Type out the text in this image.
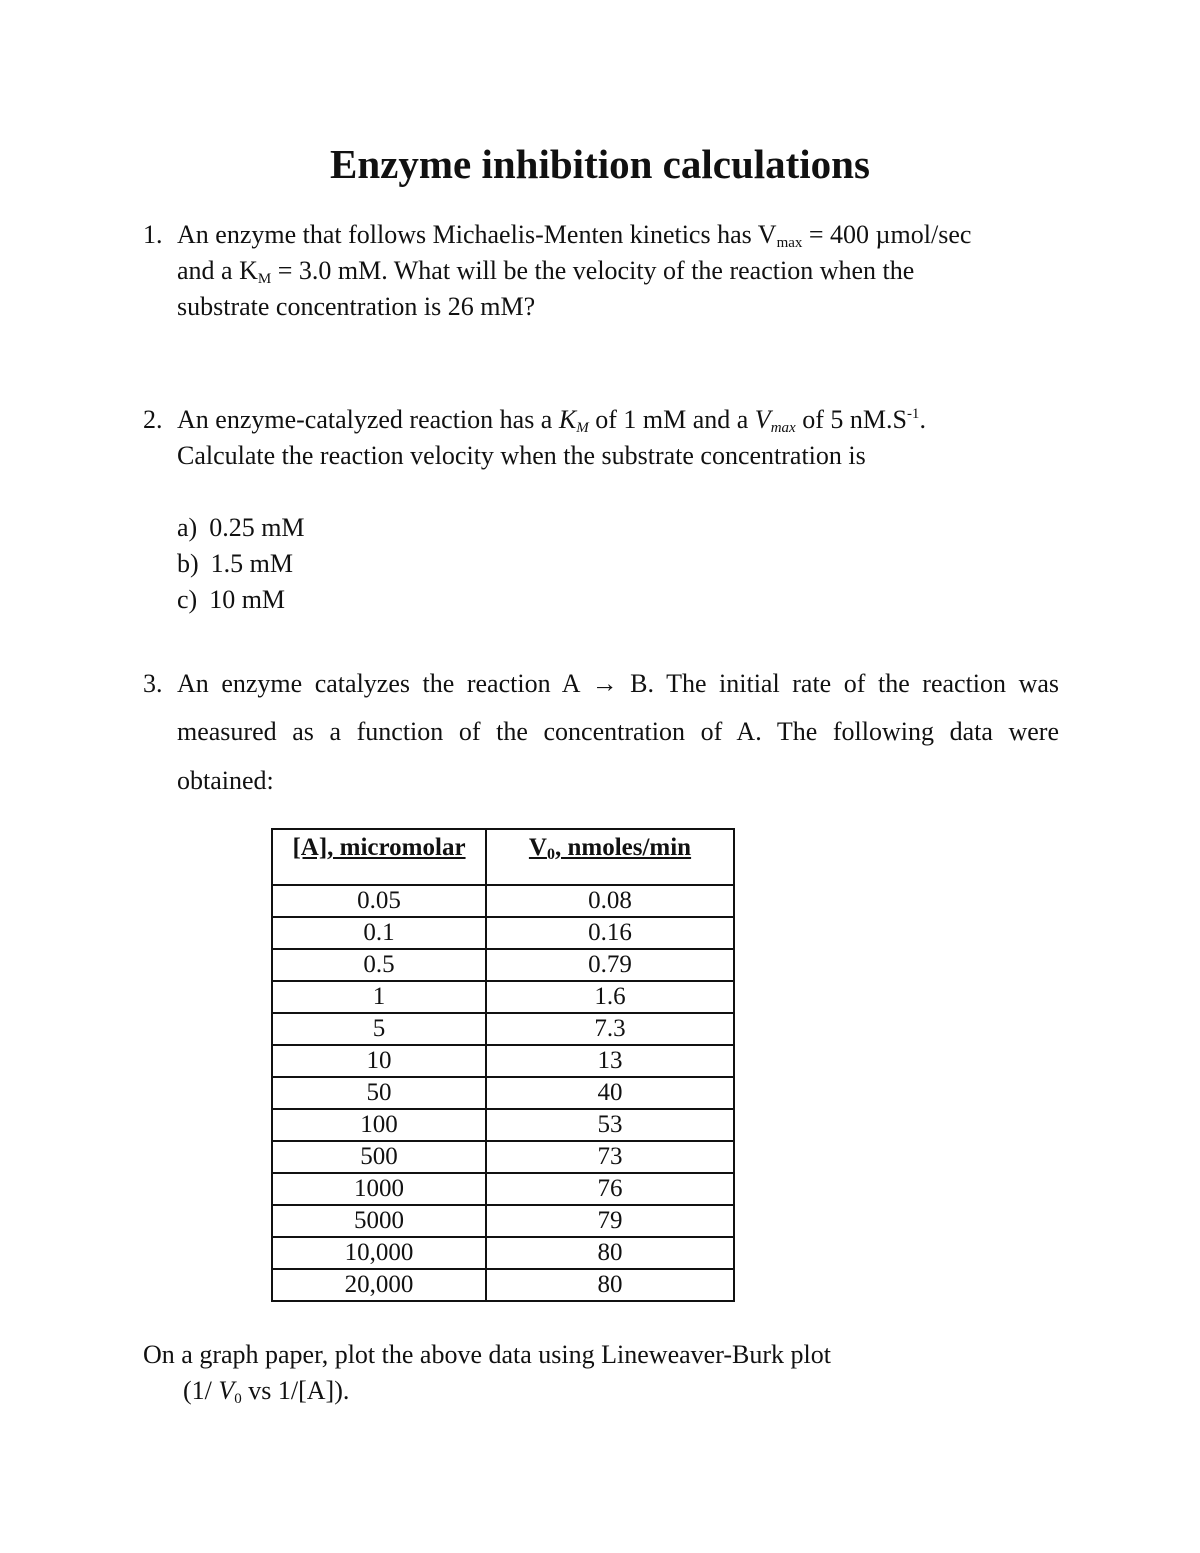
Enzyme inhibition calculations
1. An enzyme that follows Michaelis-Menten kinetics has $V_{max} = 400$ µmol/sec
and a $K_M = 3.0$ mM. What will be the velocity of the reaction when the
substrate concentration is 26 mM?
2. An enzyme-catalyzed reaction has a $K_M$ of 1 mM and a $V_{max}$ of 5 $nM.S^{-1}$.
Calculate the reaction velocity when the substrate concentration is
a) 0.25 mM
b) 1.5 mM
c) 10 mM
3. An enzyme catalyzes the reaction A → B. The initial rate of the reaction was
measured as a function of the concentration of A. The following data were
obtained:
[A], micromolar	$V_0$, nmoles/min
0.05	0.08
0.1	0.16
0.5	0.79
1	1.6
5	7.3
10	13
50	40
100	53
500	73
1000	76
5000	79
10,000	80
20,000	80
On a graph paper, plot the above data using Lineweaver-Burk plot
(1/ $V_0$ vs 1/[A]).
